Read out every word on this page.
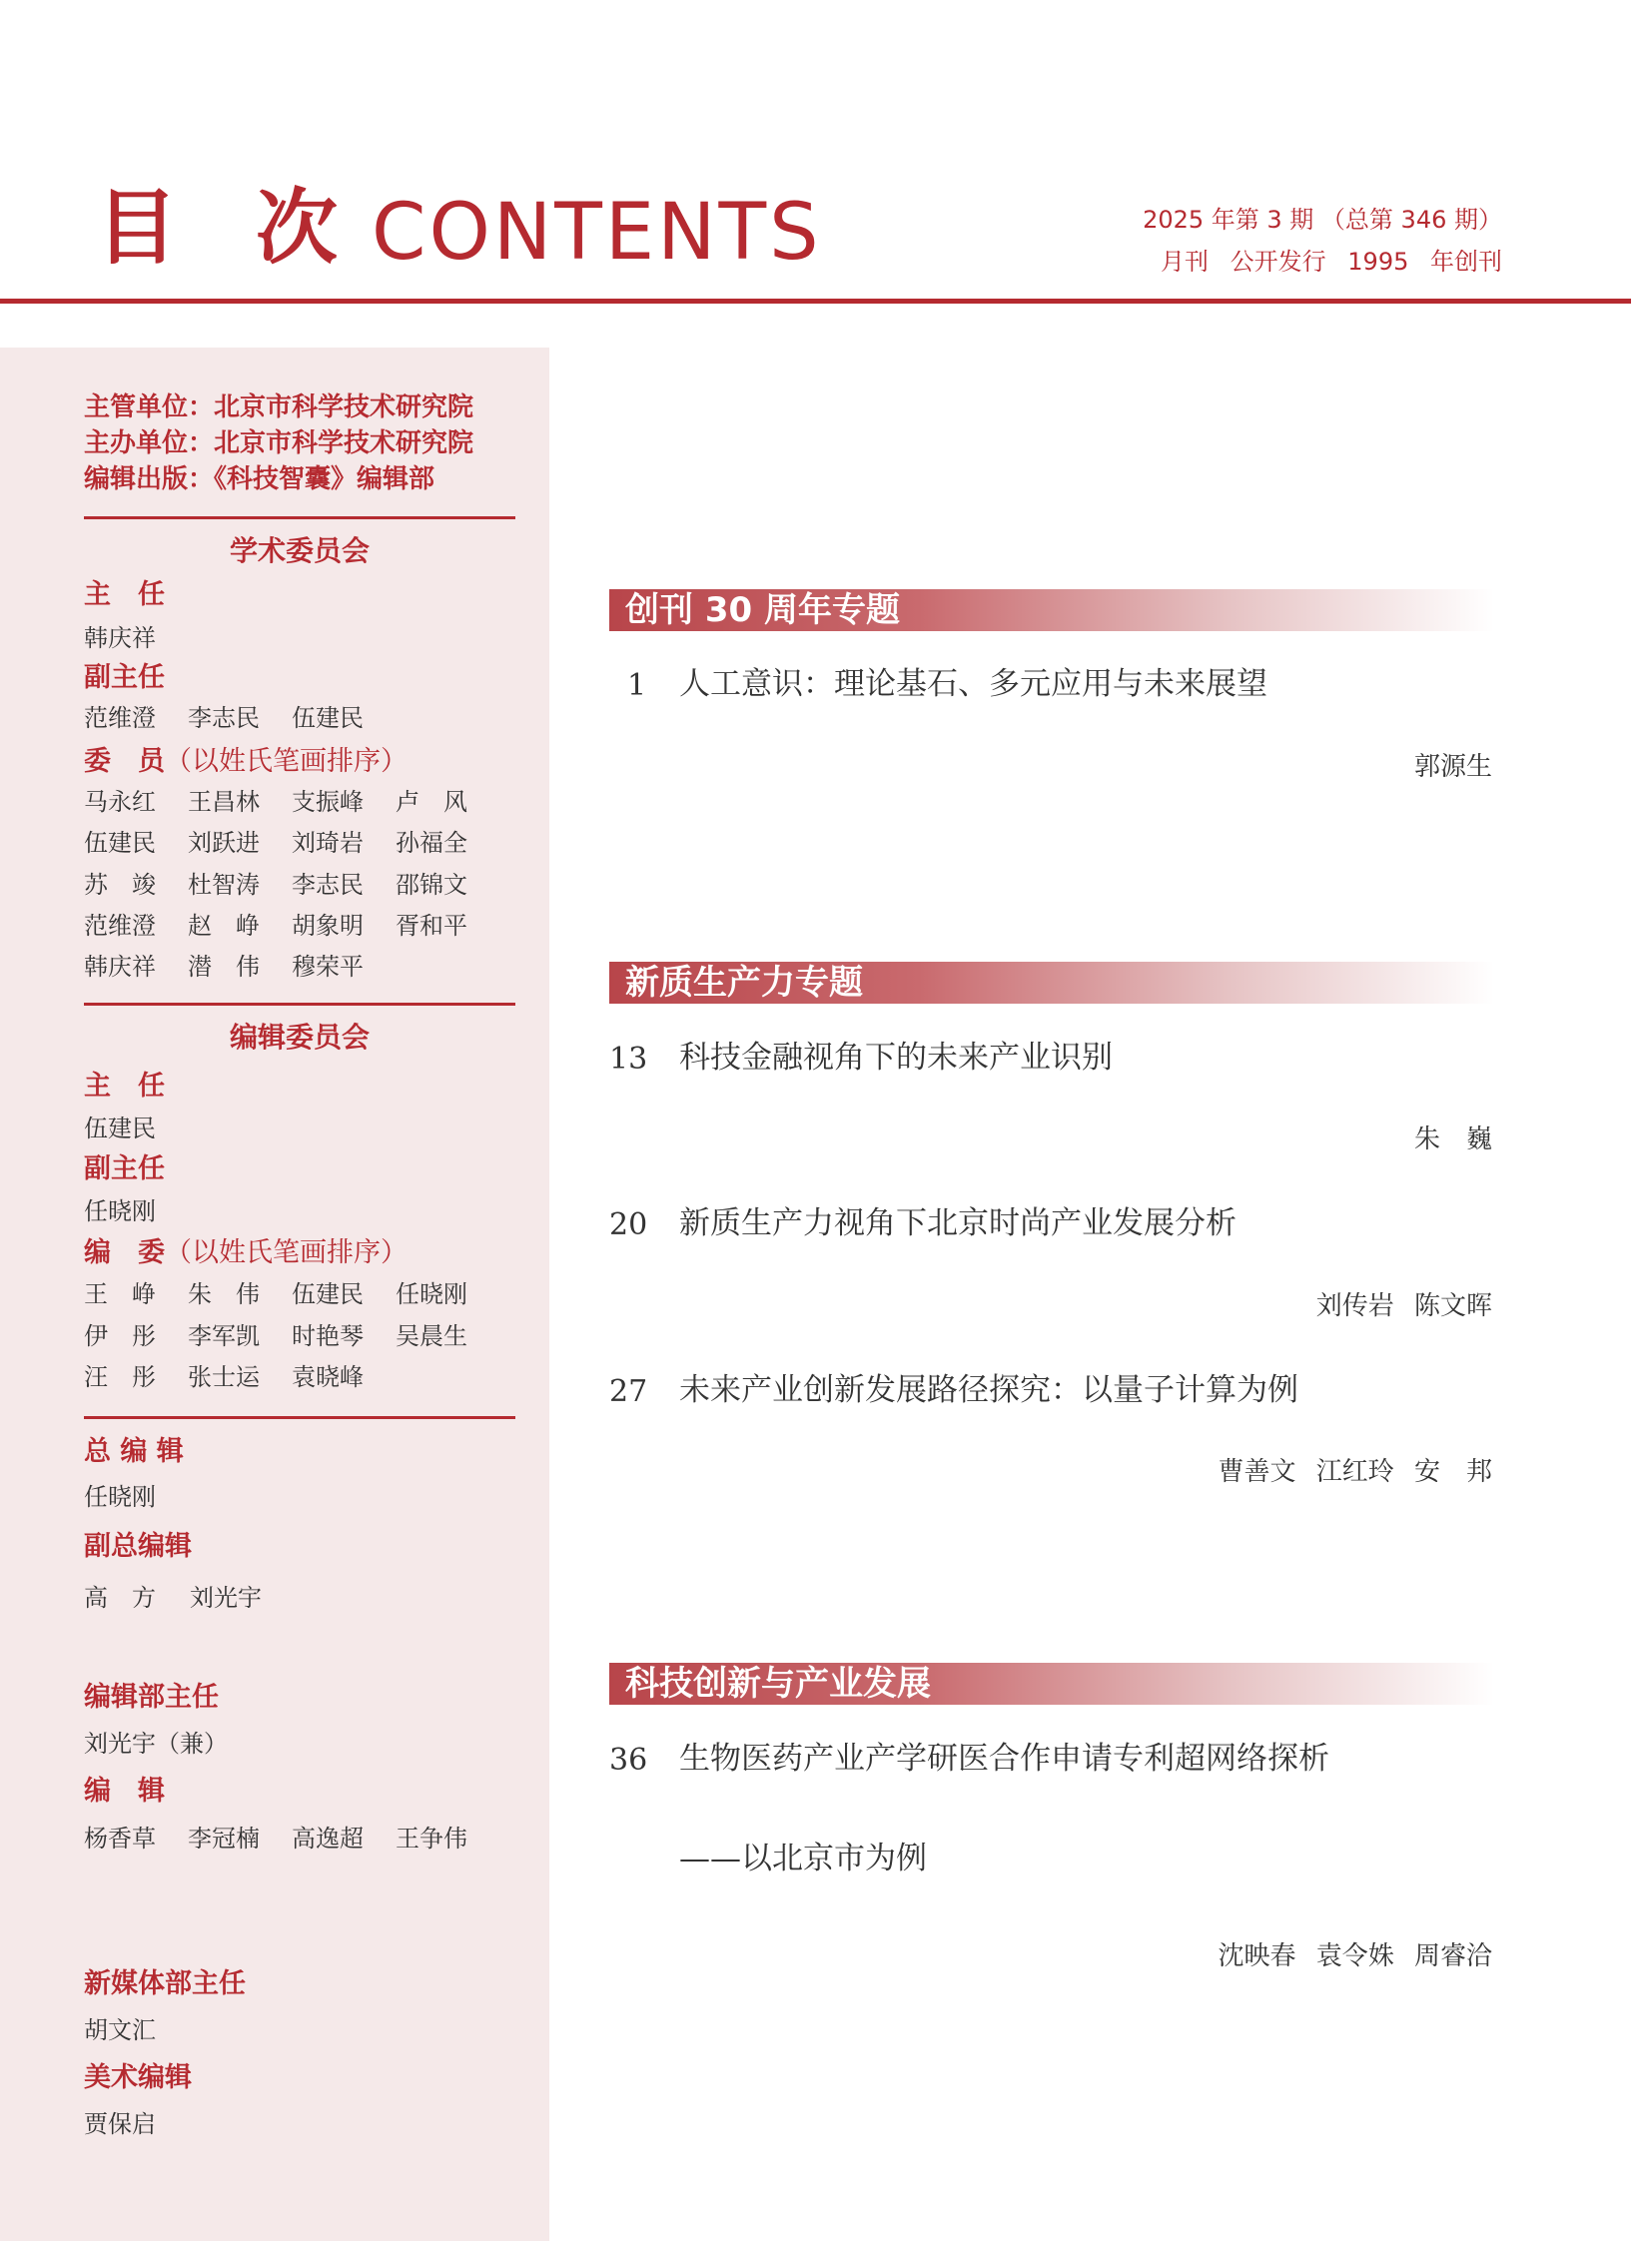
目 次 CONTENTS	2025 年第 3 期 （总第 346 期）
月刊 公开发行 1995 年创刊
主管单位：北京市科学技术研究院
主办单位：北京市科学技术研究院
编辑出版：《科技智囊》编辑部
学术委员会
主　任
韩庆祥
副主任
范维澄 李志民 伍建民
委　员（以姓氏笔画排序）
马永红 王昌林 支振峰 卢　风
伍建民 刘跃进 刘琦岩 孙福全
苏　竣 杜智涛 李志民 邵锦文
范维澄 赵　峥 胡象明 胥和平
韩庆祥 潜　伟 穆荣平
编辑委员会
主　任
伍建民
副主任
任晓刚
编　委（以姓氏笔画排序）
王　峥 朱　伟 伍建民 任晓刚
伊　彤 李军凯 时艳琴 吴晨生
汪　彤 张士运 袁晓峰
总 编 辑
任晓刚
副总编辑
高　方 刘光宇
编辑部主任
刘光宇（兼）
编　辑
杨香草 李冠楠 高逸超 王争伟
新媒体部主任
胡文汇
美术编辑
贾保启
创刊 30 周年专题
1 人工意识：理论基石、多元应用与未来展望
郭源生
新质生产力专题
13 科技金融视角下的未来产业识别
朱　巍
20 新质生产力视角下北京时尚产业发展分析
刘传岩 陈文晖
27 未来产业创新发展路径探究：以量子计算为例
曹善文 江红玲 安　邦
科技创新与产业发展
36 生物医药产业产学研医合作申请专利超网络探析
——以北京市为例
沈映春 袁令姝 周睿洽
